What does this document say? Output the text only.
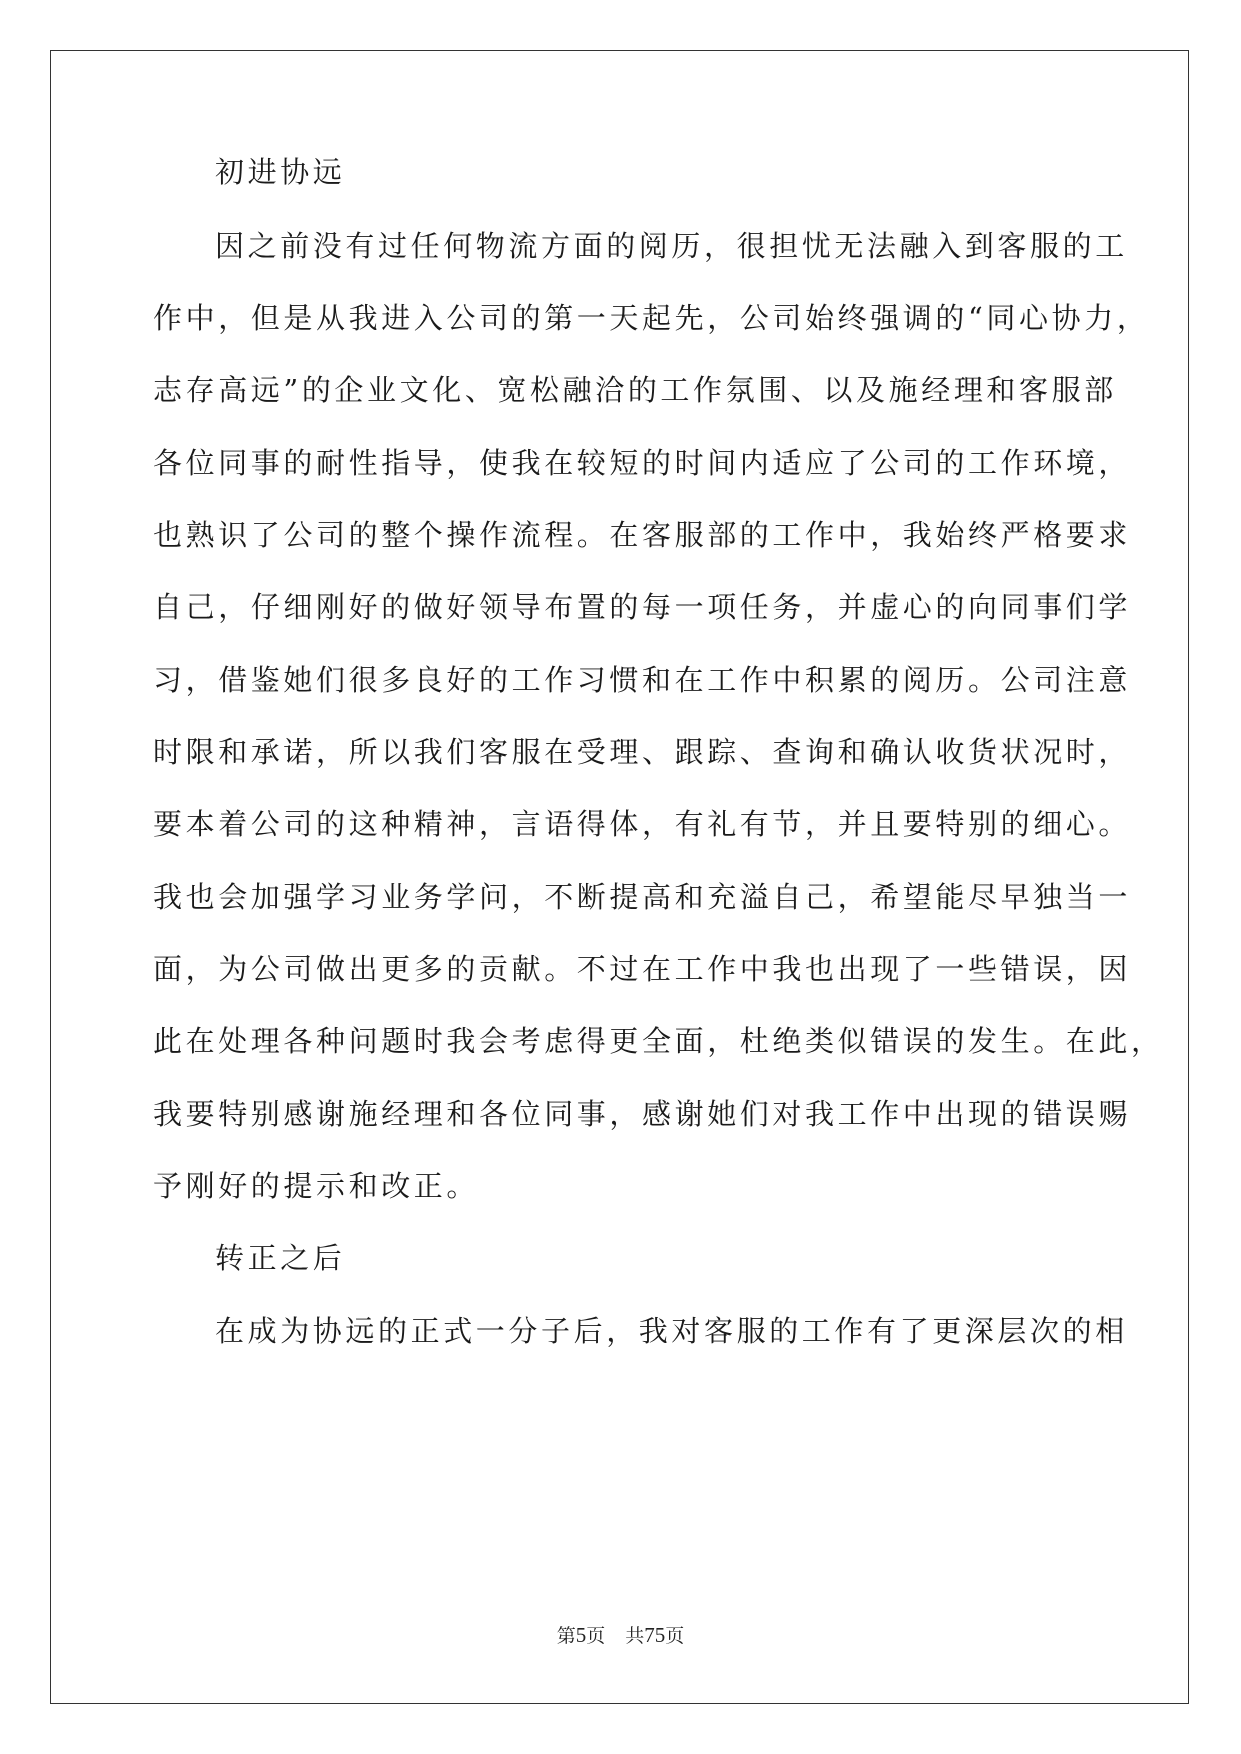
初进协远
因之前没有过任何物流方面的阅历，很担忧无法融入到客服的工
作中，但是从我进入公司的第一天起先，公司始终强调的“同心协力，
志存高远”的企业文化、宽松融洽的工作氛围、以及施经理和客服部
各位同事的耐性指导，使我在较短的时间内适应了公司的工作环境，
也熟识了公司的整个操作流程。在客服部的工作中，我始终严格要求
自己，仔细刚好的做好领导布置的每一项任务，并虚心的向同事们学
习，借鉴她们很多良好的工作习惯和在工作中积累的阅历。公司注意
时限和承诺，所以我们客服在受理、跟踪、查询和确认收货状况时，
要本着公司的这种精神，言语得体，有礼有节，并且要特别的细心。
我也会加强学习业务学问，不断提高和充溢自己，希望能尽早独当一
面，为公司做出更多的贡献。不过在工作中我也出现了一些错误，因
此在处理各种问题时我会考虑得更全面，杜绝类似错误的发生。在此，
我要特别感谢施经理和各位同事，感谢她们对我工作中出现的错误赐
予刚好的提示和改正。
转正之后
在成为协远的正式一分子后，我对客服的工作有了更深层次的相
第5页 共75页
